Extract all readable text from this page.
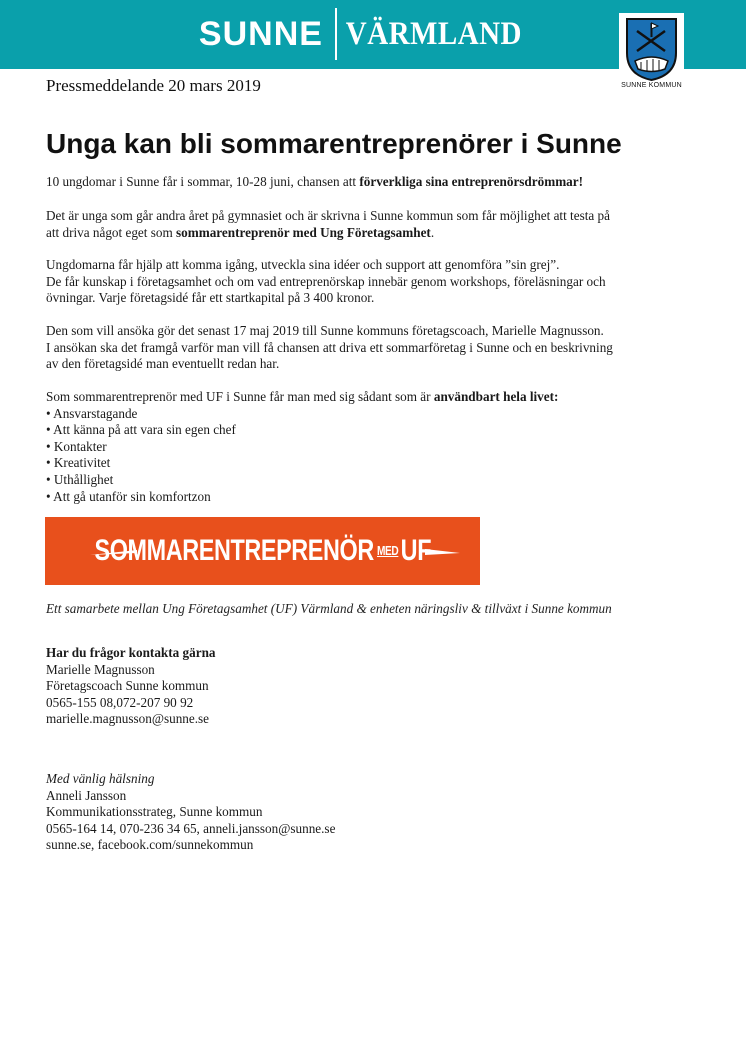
SUNNE VÄRMLAND
SUNNE KOMMUN
Pressmeddelande 20 mars 2019
Unga kan bli sommarentreprenörer i Sunne

10 ungdomar i Sunne får i sommar, 10-28 juni, chansen att förverkliga sina entreprenörsdrömmar!

Det är unga som går andra året på gymnasiet och är skrivna i Sunne kommun som får möjlighet att testa på

att driva något eget som sommarentreprenör med Ung Företagsamhet.

Ungdomarna får hjälp att komma igång, utveckla sina idéer och support att genomföra ”sin grej”.

De får kunskap i företagsamhet och om vad entreprenörskap innebär genom workshops, föreläsningar och

övningar. Varje företagsidé får ett startkapital på 3 400 kronor.

Den som vill ansöka gör det senast 17 maj 2019 till Sunne kommuns företagscoach, Marielle Magnusson.

I ansökan ska det framgå varför man vill få chansen att driva ett sommarföretag i Sunne och en beskrivning

av den företagsidé man eventuellt redan har.

Som sommarentreprenör med UF i Sunne får man med sig sådant som är användbart hela livet:

• Ansvarstagande

• Att känna på att vara sin egen chef

• Kontakter

• Kreativitet

• Uthållighet

• Att gå utanför sin komfortzon

SOMMARENTREPRENÖR MED UF
Ett samarbete mellan Ung Företagsamhet (UF) Värmland & enheten näringsliv & tillväxt i Sunne kommun

Har du frågor kontakta gärna

Marielle Magnusson

Företagscoach Sunne kommun

0565-155 08,072-207 90 92

marielle.magnusson@sunne.se

Med vänlig hälsning

Anneli Jansson

Kommunikationsstrateg, Sunne kommun

0565-164 14, 070-236 34 65, anneli.jansson@sunne.se

sunne.se, facebook.com/sunnekommun
